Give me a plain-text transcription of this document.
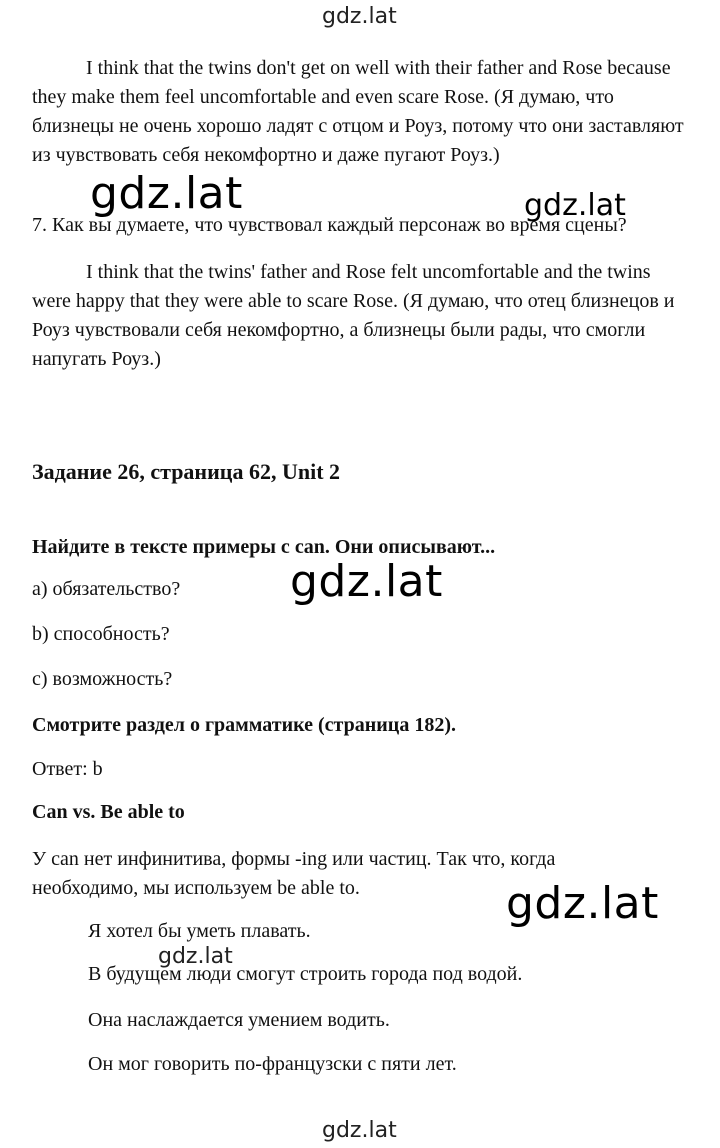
gdz.lat

I think that the twins don't get on well with their father and Rose because they make them feel uncomfortable and even scare Rose. (Я думаю, что близнецы не очень хорошо ладят с отцом и Роуз, потому что они заставляют из чувствовать себя некомфортно и даже пугают Роуз.)

gdz.lat	gdz.lat
7. Как вы думаете, что чувствовал каждый персонаж во время сцены?

I think that the twins' father and Rose felt uncomfortable and the twins were happy that they were able to scare Rose. (Я думаю, что отец близнецов и Роуз чувствовали себя некомфортно, а близнецы были рады, что смогли напугать Роуз.)

Задание 26, страница 62, Unit 2
Найдите в тексте примеры с can. Они описывают...
gdz.lat
a) обязательство?
b) способность?
c) возможность?
Смотрите раздел о грамматике (страница 182).
Ответ: b
Can vs. Be able to

У can нет инфинитива, формы -ing или частиц. Так что, когда необходимо, мы используем be able to.	gdz.lat
Я хотел бы уметь плавать.
gdz.lat
В будущем люди смогут строить города под водой.
Она наслаждается умением водить.
Он мог говорить по-французски с пяти лет.
gdz.lat
